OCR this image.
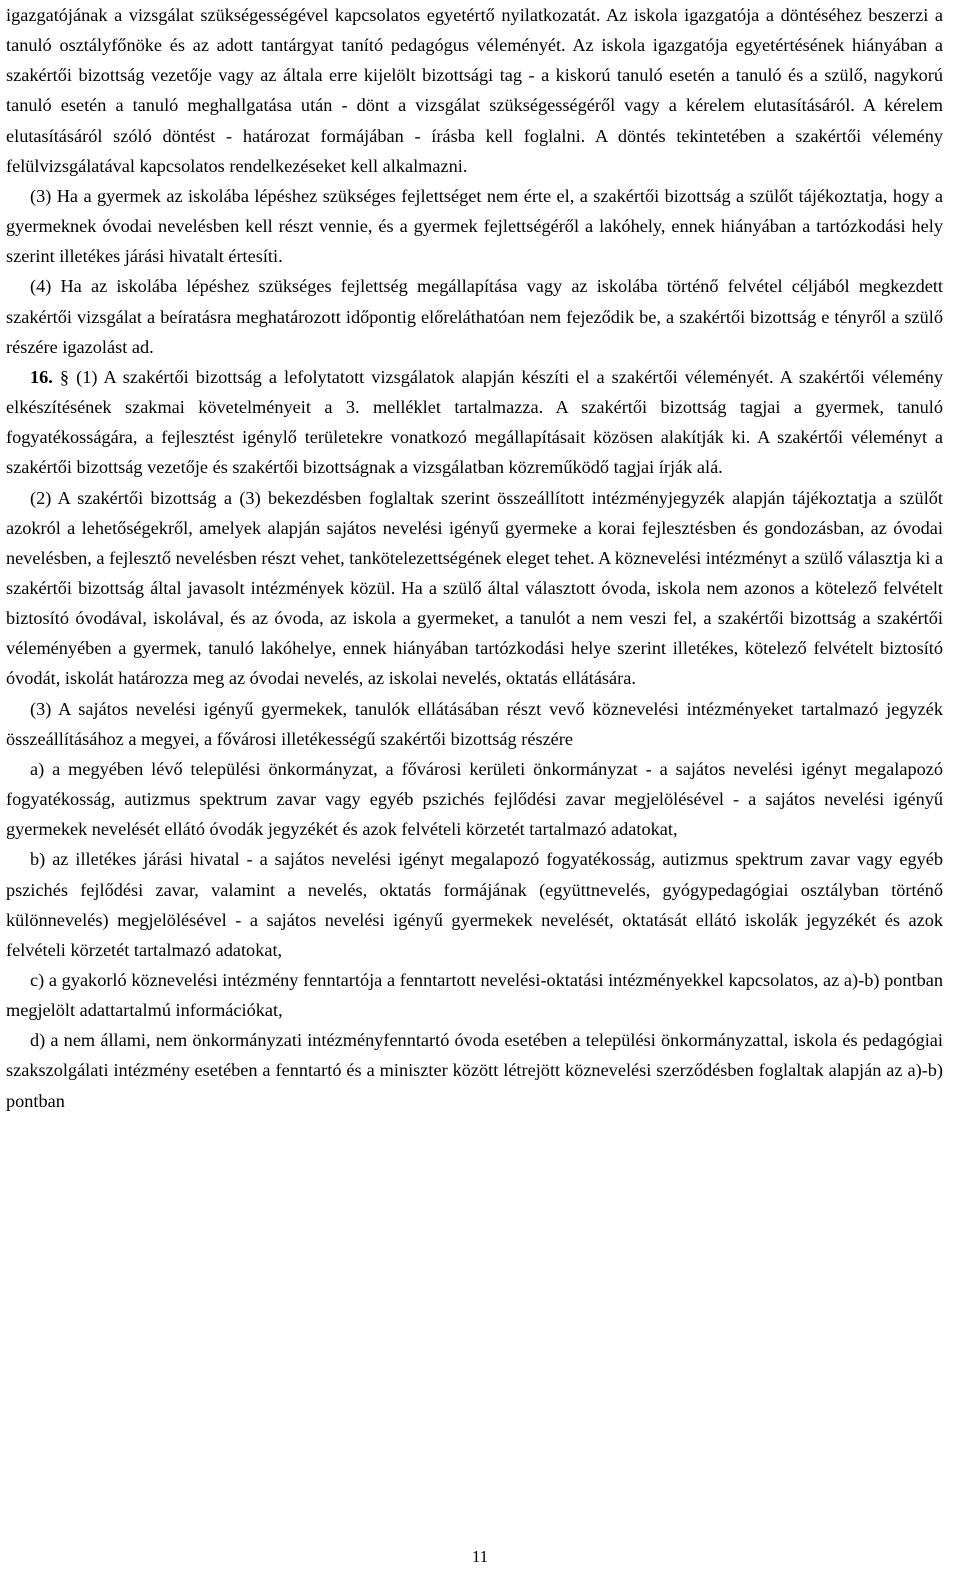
igazgatójának a vizsgálat szükségességével kapcsolatos egyetértő nyilatkozatát. Az iskola igazgatója a döntéséhez beszerzi a tanuló osztályfőnöke és az adott tantárgyat tanító pedagógus véleményét. Az iskola igazgatója egyetértésének hiányában a szakértői bizottság vezetője vagy az általa erre kijelölt bizottsági tag - a kiskorú tanuló esetén a tanuló és a szülő, nagykorú tanuló esetén a tanuló meghallgatása után - dönt a vizsgálat szükségességéről vagy a kérelem elutasításáról. A kérelem elutasításáról szóló döntést - határozat formájában - írásba kell foglalni. A döntés tekintetében a szakértői vélemény felülvizsgálatával kapcsolatos rendelkezéseket kell alkalmazni.

(3) Ha a gyermek az iskolába lépéshez szükséges fejlettséget nem érte el, a szakértői bizottság a szülőt tájékoztatja, hogy a gyermeknek óvodai nevelésben kell részt vennie, és a gyermek fejlettségéről a lakóhely, ennek hiányában a tartózkodási hely szerint illetékes járási hivatalt értesíti.

(4) Ha az iskolába lépéshez szükséges fejlettség megállapítása vagy az iskolába történő felvétel céljából megkezdett szakértői vizsgálat a beíratásra meghatározott időpontig előreláthatóan nem fejeződik be, a szakértői bizottság e tényről a szülő részére igazolást ad.

16. § (1) A szakértői bizottság a lefolytatott vizsgálatok alapján készíti el a szakértői véleményét. A szakértői vélemény elkészítésének szakmai követelményeit a 3. melléklet tartalmazza. A szakértői bizottság tagjai a gyermek, tanuló fogyatékosságára, a fejlesztést igénylő területekre vonatkozó megállapításait közösen alakítják ki. A szakértői véleményt a szakértői bizottság vezetője és szakértői bizottságnak a vizsgálatban közreműködő tagjai írják alá.

(2) A szakértői bizottság a (3) bekezdésben foglaltak szerint összeállított intézményjegyzék alapján tájékoztatja a szülőt azokról a lehetőségekről, amelyek alapján sajátos nevelési igényű gyermeke a korai fejlesztésben és gondozásban, az óvodai nevelésben, a fejlesztő nevelésben részt vehet, tankötelezettségének eleget tehet. A köznevelési intézményt a szülő választja ki a szakértői bizottság által javasolt intézmények közül. Ha a szülő által választott óvoda, iskola nem azonos a kötelező felvételt biztosító óvodával, iskolával, és az óvoda, az iskola a gyermeket, a tanulót a nem veszi fel, a szakértői bizottság a szakértői véleményében a gyermek, tanuló lakóhelye, ennek hiányában tartózkodási helye szerint illetékes, kötelező felvételt biztosító óvodát, iskolát határozza meg az óvodai nevelés, az iskolai nevelés, oktatás ellátására.

(3) A sajátos nevelési igényű gyermekek, tanulók ellátásában részt vevő köznevelési intézményeket tartalmazó jegyzék összeállításához a megyei, a fővárosi illetékességű szakértői bizottság részére

a) a megyében lévő települési önkormányzat, a fővárosi kerületi önkormányzat - a sajátos nevelési igényt megalapozó fogyatékosság, autizmus spektrum zavar vagy egyéb pszichés fejlődési zavar megjelölésével - a sajátos nevelési igényű gyermekek nevelését ellátó óvodák jegyzékét és azok felvételi körzetét tartalmazó adatokat,

b) az illetékes járási hivatal - a sajátos nevelési igényt megalapozó fogyatékosság, autizmus spektrum zavar vagy egyéb pszichés fejlődési zavar, valamint a nevelés, oktatás formájának (együttnevelés, gyógypedagógiai osztályban történő különnevelés) megjelölésével - a sajátos nevelési igényű gyermekek nevelését, oktatását ellátó iskolák jegyzékét és azok felvételi körzetét tartalmazó adatokat,

c) a gyakorló köznevelési intézmény fenntartója a fenntartott nevelési-oktatási intézményekkel kapcsolatos, az a)-b) pontban megjelölt adattartalmú információkat,

d) a nem állami, nem önkormányzati intézményfenntartó óvoda esetében a települési önkormányzattal, iskola és pedagógiai szakszolgálati intézmény esetében a fenntartó és a miniszter között létrejött köznevelési szerződésben foglaltak alapján az a)-b) pontban

11
